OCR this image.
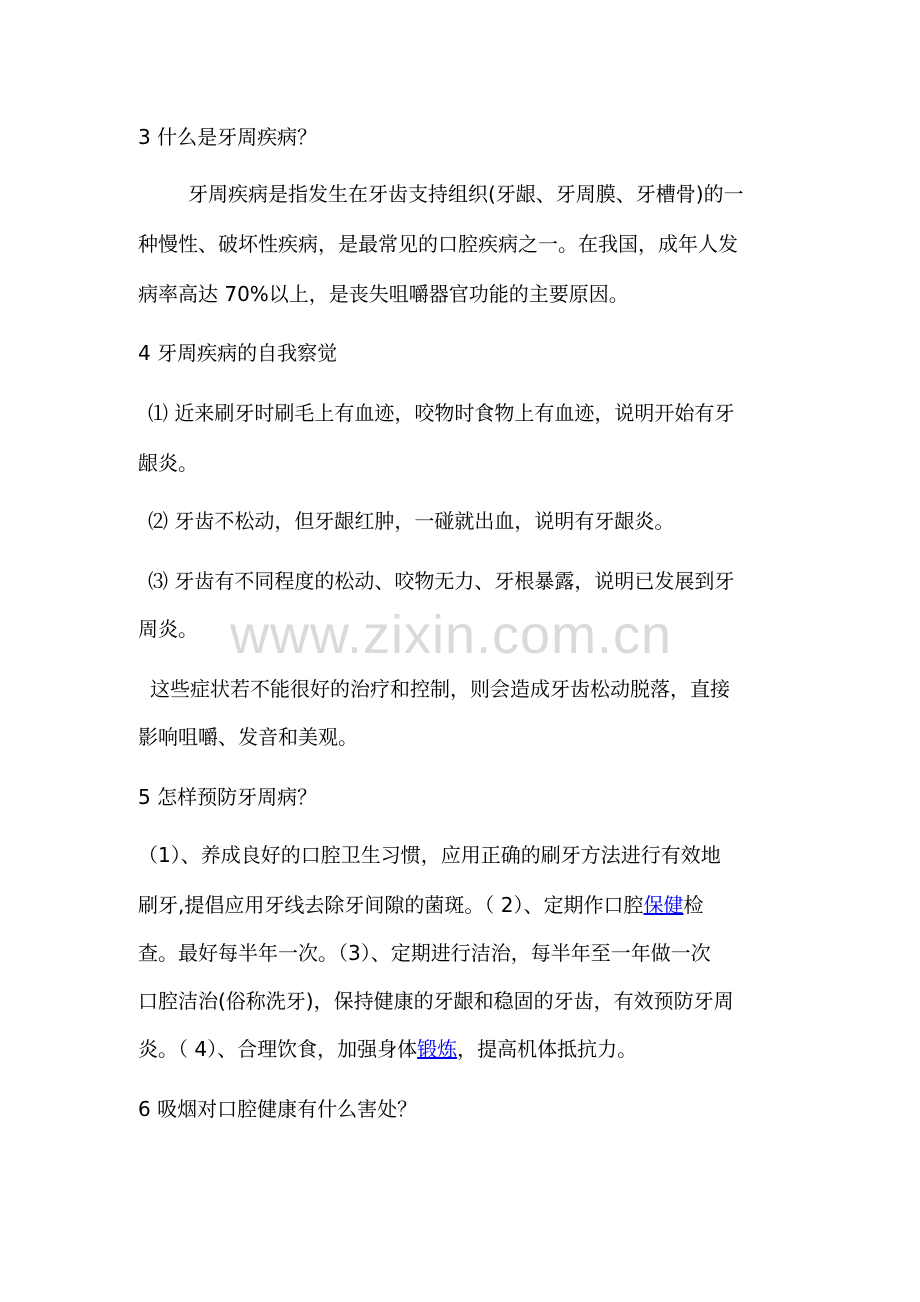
3 什么是牙周疾病？
牙周疾病是指发生在牙齿支持组织(牙龈、牙周膜、牙槽骨)的一
种慢性、破坏性疾病，是最常见的口腔疾病之一。在我国，成年人发
病率高达 70%以上，是丧失咀嚼器官功能的主要原因。
4 牙周疾病的自我察觉
⑴ 近来刷牙时刷毛上有血迹，咬物时食物上有血迹，说明开始有牙
龈炎。
⑵ 牙齿不松动，但牙龈红肿，一碰就出血，说明有牙龈炎。
⑶ 牙齿有不同程度的松动、咬物无力、牙根暴露，说明已发展到牙
周炎。
这些症状若不能很好的治疗和控制，则会造成牙齿松动脱落，直接
影响咀嚼、发音和美观。
5 怎样预防牙周病？
（1）、养成良好的口腔卫生习惯，应用正确的刷牙方法进行有效地
刷牙,提倡应用牙线去除牙间隙的菌斑。（ 2）、定期作口腔保健检
查。最好每半年一次。（3）、定期进行洁治，每半年至一年做一次
口腔洁治(俗称洗牙)，保持健康的牙龈和稳固的牙齿，有效预防牙周
炎。（ 4）、合理饮食，加强身体锻炼，提高机体抵抗力。
6 吸烟对口腔健康有什么害处？
www.zixin.com.cn
